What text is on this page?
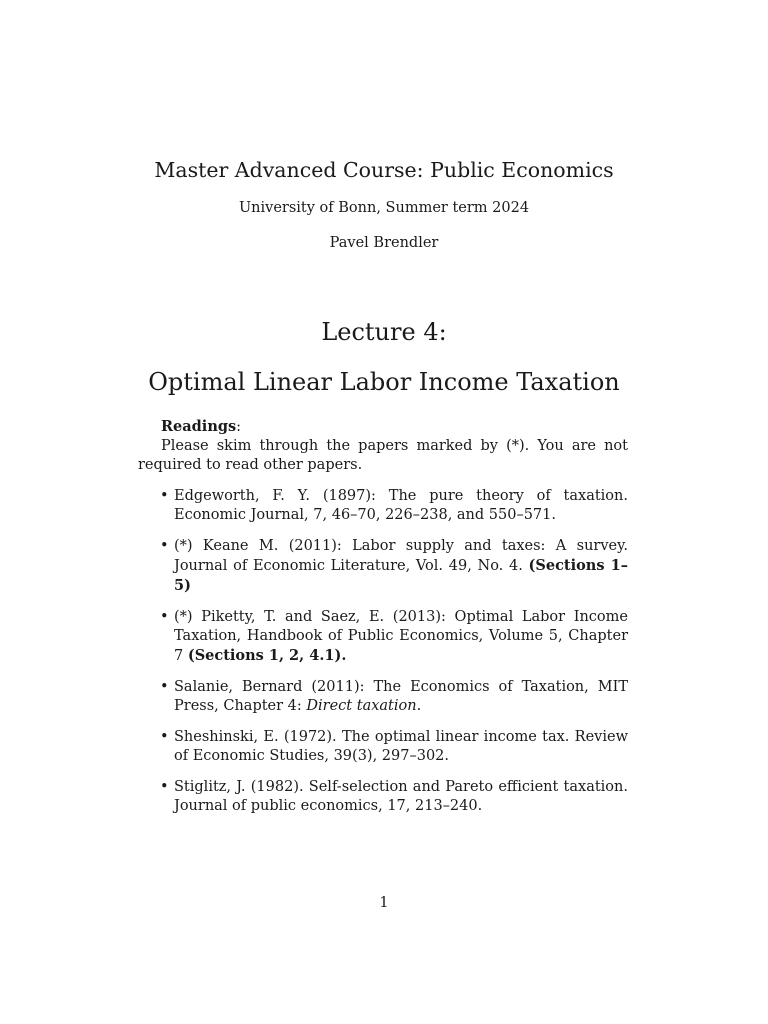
Master Advanced Course: Public Economics
University of Bonn, Summer term 2024
Pavel Brendler
Lecture 4:
Optimal Linear Labor Income Taxation
Readings:

Please skim through the papers marked by (*). You are not required to read other papers.

• Edgeworth, F. Y. (1897): The pure theory of taxation. Economic Journal, 7, 46–70, 226–238, and 550–571.
• (*) Keane M. (2011): Labor supply and taxes: A survey. Journal of Economic Literature, Vol. 49, No. 4. (Sections 1–5)
• (*) Piketty, T. and Saez, E. (2013): Optimal Labor Income Taxation, Handbook of Public Economics, Volume 5, Chapter 7 (Sections 1, 2, 4.1).
• Salanie, Bernard (2011): The Economics of Taxation, MIT Press, Chapter 4: Direct taxation.
• Sheshinski, E. (1972). The optimal linear income tax. Review of Economic Studies, 39(3), 297–302.
• Stiglitz, J. (1982). Self-selection and Pareto efficient taxation. Journal of public economics, 17, 213–240.
1
